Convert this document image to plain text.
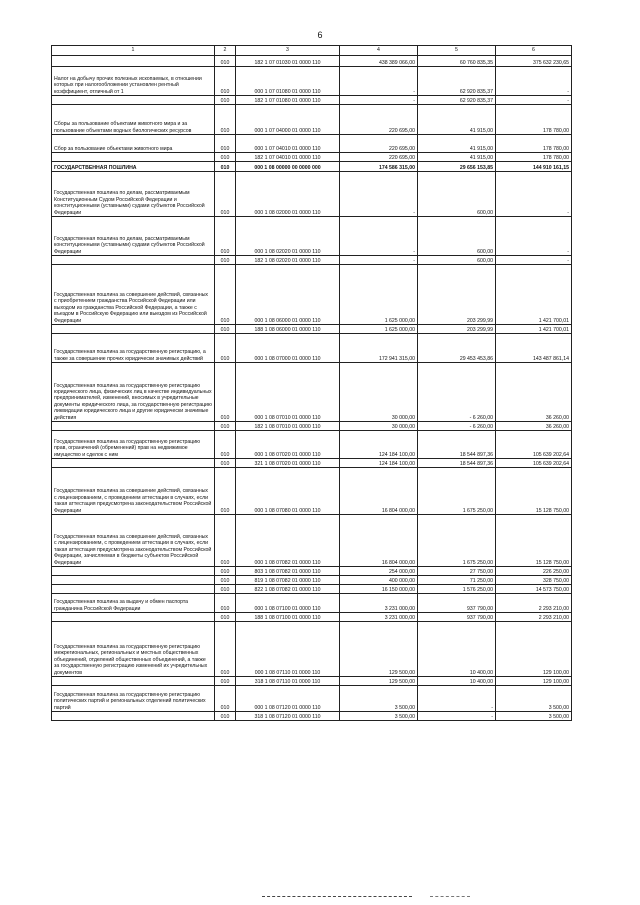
6
1	2	3	4	5	6
	010	182 1 07 01030 01 0000 110	438 389 066,00	60 760 835,35	375 632 230,65
Налог на добычу прочих полезных ископаемых, в отношении которых при налогообложении установлен рентный коэффициент, отличный от 1	010	000 1 07 01080 01 0000 110	-	62 920 835,37	-
	010	182 1 07 01080 01 0000 110	-	62 920 835,37	-
Сборы за пользование объектами животного мира и за пользование объектами водных биологических ресурсов	010	000 1 07 04000 01 0000 110	220 695,00	41 915,00	178 780,00
Сбор за пользование объектами животного мира	010	000 1 07 04010 01 0000 110	220 695,00	41 915,00	178 780,00
	010	182 1 07 04010 01 0000 110	220 695,00	41 915,00	178 780,00
ГОСУДАРСТВЕННАЯ ПОШЛИНА	010	000 1 08 00000 00 0000 000	174 586 315,00	29 656 153,85	144 910 161,15
Государственная пошлина по делам, рассматриваемым Конституционным Судом Российской Федерации и конституционными (уставными) судами субъектов Российской Федерации	010	000 1 08 02000 01 0000 110	-	600,00	-
Государственная пошлина по делам, рассматриваемым конституционными (уставными) судами субъектов Российской Федерации	010	000 1 08 02020 01 0000 110	-	600,00	-
	010	182 1 08 02020 01 0000 110	-	600,00	-
Государственная пошлина за совершение действий, связанных с приобретением гражданства Российской Федерации или выходом из гражданства Российской Федерации, а также с въездом в Российскую Федерацию или выездом из Российской Федерации	010	000 1 08 06000 01 0000 110	1 625 000,00	203 299,99	1 421 700,01
	010	188 1 08 06000 01 0000 110	1 625 000,00	203 299,99	1 421 700,01
Государственная пошлина за государственную регистрацию, а также за совершение прочих юридически значимых действий	010	000 1 08 07000 01 0000 110	172 941 315,00	29 453 453,86	143 487 861,14
Государственная пошлина за государственную регистрацию юридического лица, физических лиц в качестве индивидуальных предпринимателей, изменений, вносимых в учредительные документы юридического лица, за государственную регистрацию ликвидации юридического лица и другие юридически значимые действия	010	000 1 08 07010 01 0000 110	30 000,00	- 6 260,00	36 260,00
	010	182 1 08 07010 01 0000 110	30 000,00	- 6 260,00	36 260,00
Государственная пошлина за государственную регистрацию прав, ограничений (обременений) прав на недвижимое имущество и сделок с ним	010	000 1 08 07020 01 0000 110	124 184 100,00	18 544 897,36	105 639 202,64
	010	321 1 08 07020 01 0000 110	124 184 100,00	18 544 897,36	105 639 202,64
Государственная пошлина за совершение действий, связанных с лицензированием, с проведением аттестации в случаях, если такая аттестация предусмотрена законодательством Российской Федерации	010	000 1 08 07080 01 0000 110	16 804 000,00	1 675 250,00	15 128 750,00
Государственная пошлина за совершение действий, связанных с лицензированием, с проведением аттестации в случаях, если такая аттестация предусмотрена законодательством Российской Федерации, зачисляемая в бюджеты субъектов Российской Федерации	010	000 1 08 07082 01 0000 110	16 804 000,00	1 675 250,00	15 128 750,00
	010	803 1 08 07082 01 0000 110	254 000,00	27 750,00	226 250,00
	010	819 1 08 07082 01 0000 110	400 000,00	71 250,00	328 750,00
	010	822 1 08 07082 01 0000 110	16 150 000,00	1 576 250,00	14 573 750,00
Государственная пошлина за выдачу и обмен паспорта гражданина Российской Федерации	010	000 1 08 07100 01 0000 110	3 231 000,00	937 790,00	2 293 210,00
	010	188 1 08 07100 01 0000 110	3 231 000,00	937 790,00	2 293 210,00
Государственная пошлина за государственную регистрацию межрегиональных, региональных и местных общественных объединений, отделений общественных объединений, а также за государственную регистрацию изменений их учредительных документов	010	000 1 08 07110 01 0000 110	129 500,00	10 400,00	129 100,00
	010	318 1 08 07110 01 0000 110	129 500,00	10 400,00	129 100,00
Государственная пошлина за государственную регистрацию политических партий и региональных отделений политических партий	010	000 1 08 07120 01 0000 110	3 500,00	-	3 500,00
	010	318 1 08 07120 01 0000 110	3 500,00	-	3 500,00
